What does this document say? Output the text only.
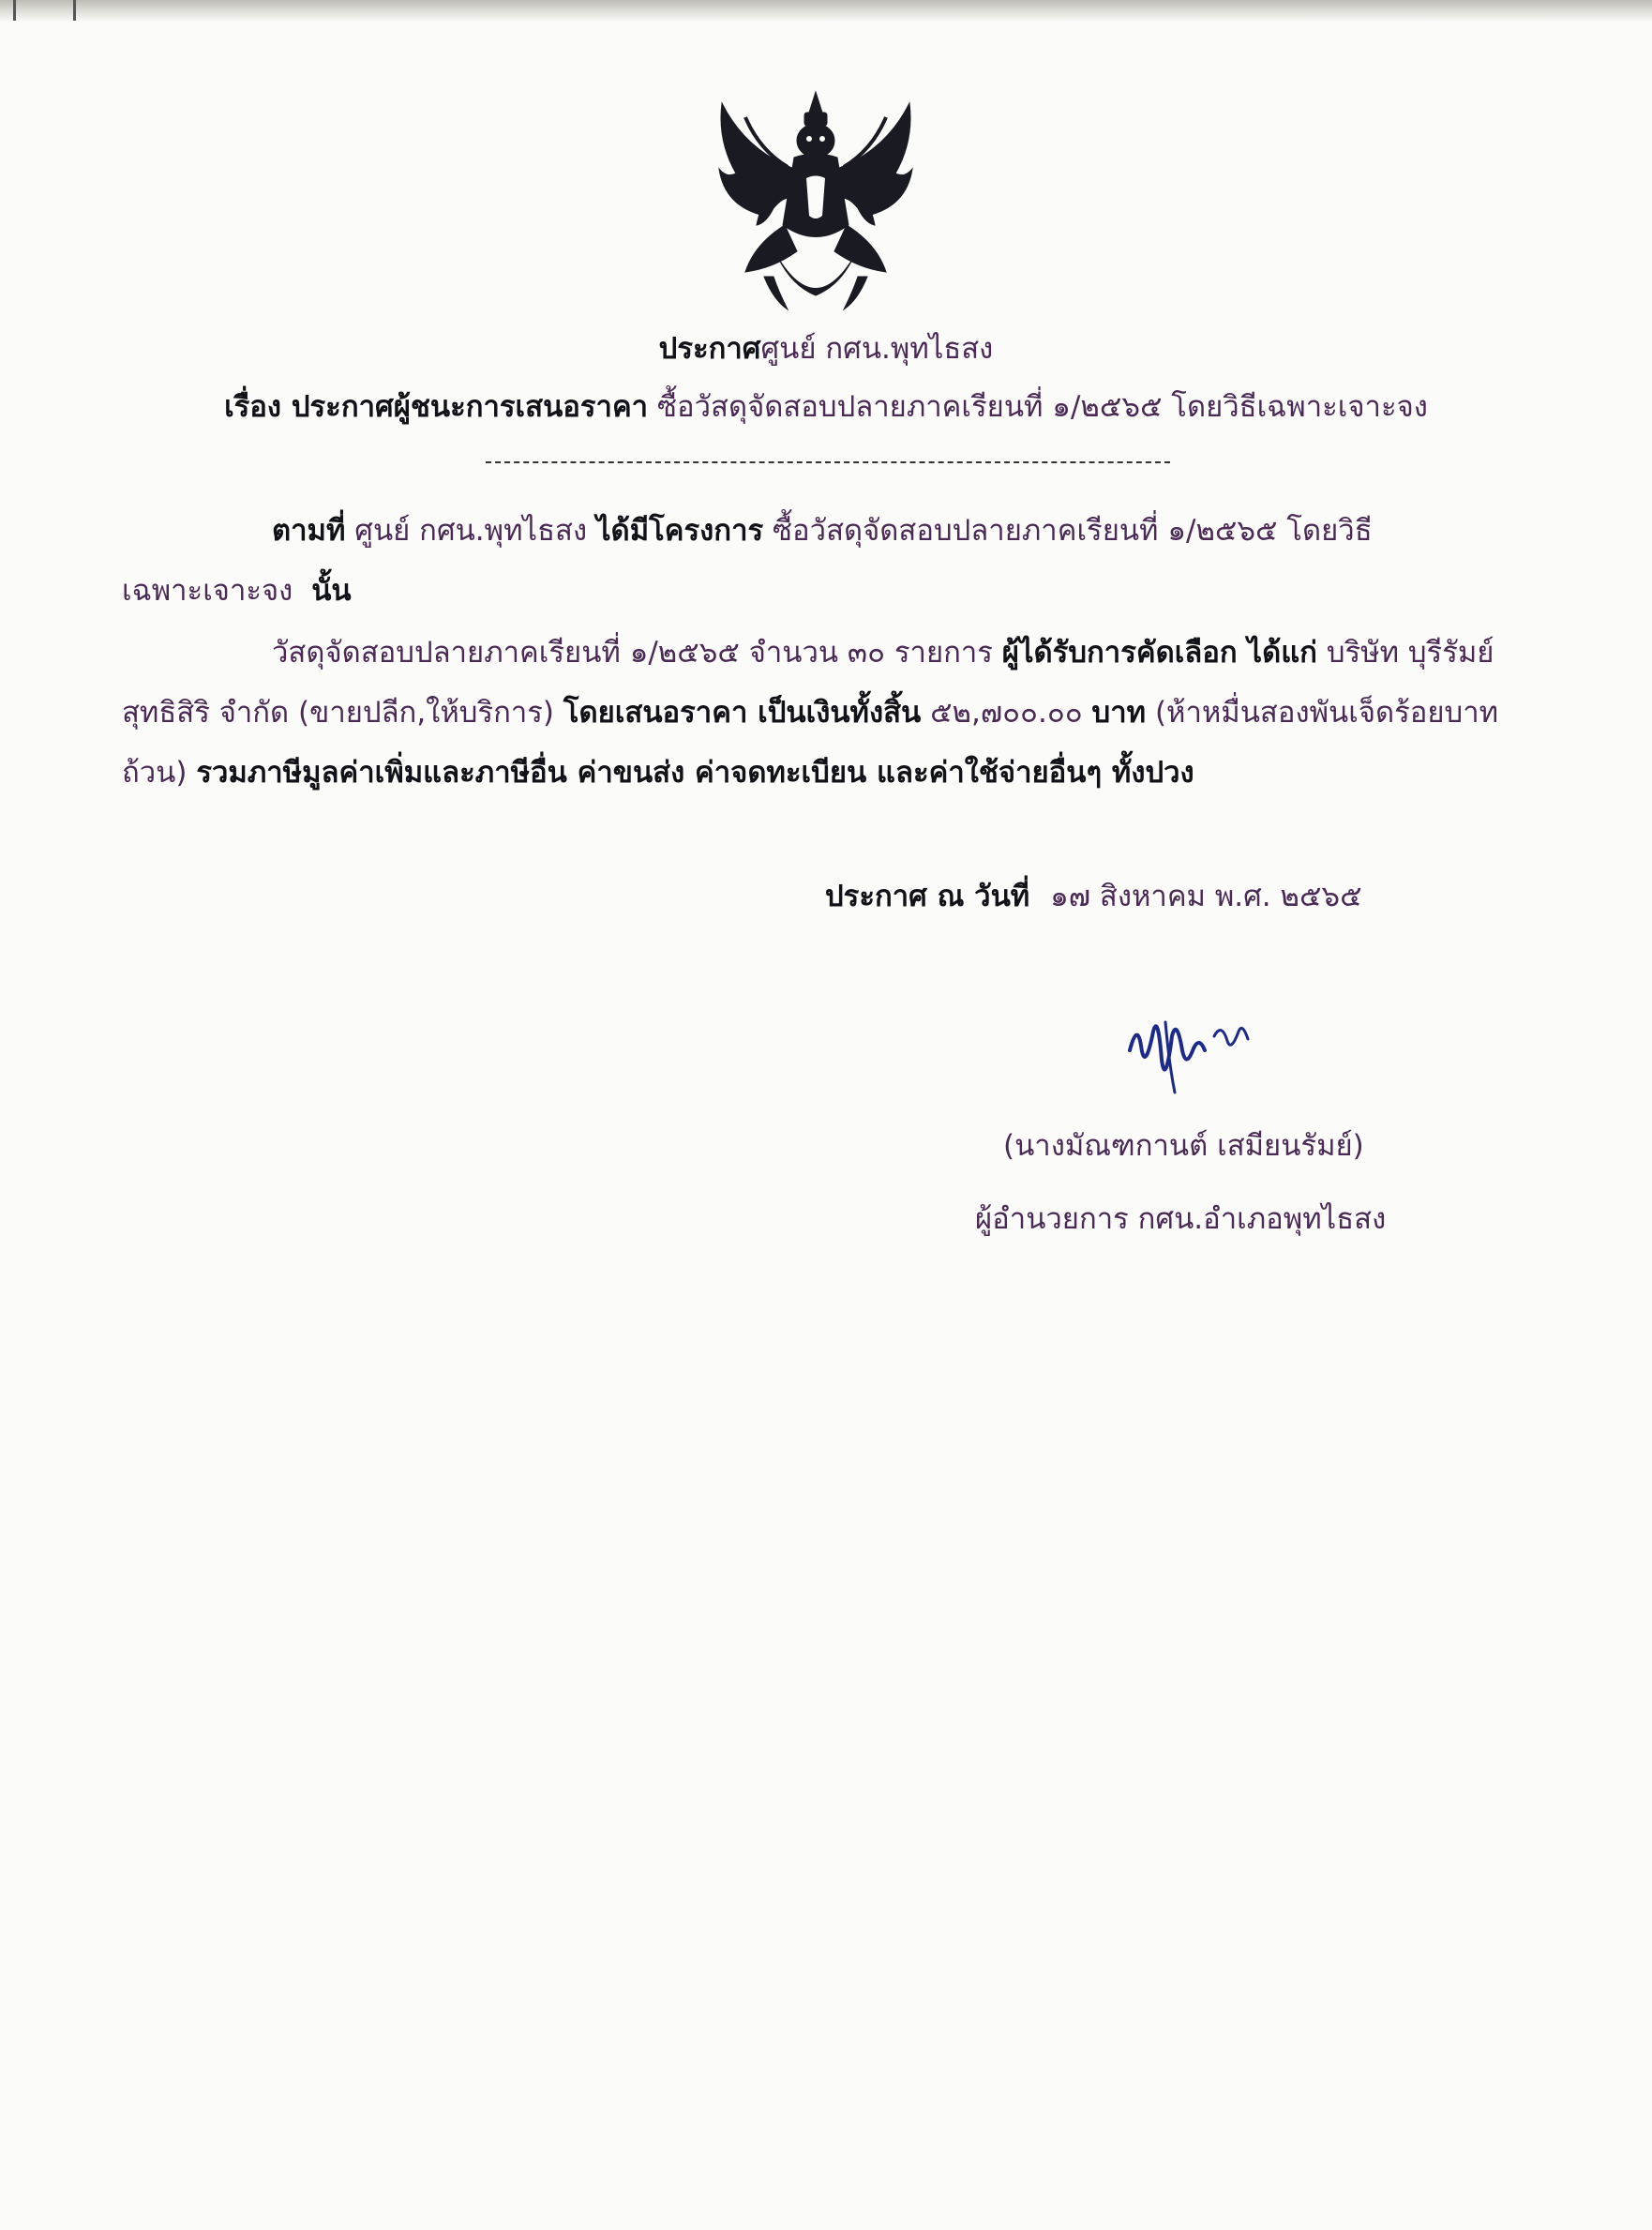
ประกาศศูนย์ กศน.พุทไธสง
เรื่อง ประกาศผู้ชนะการเสนอราคา ซื้อวัสดุจัดสอบปลายภาคเรียนที่ ๑/๒๕๖๕ โดยวิธีเฉพาะเจาะจง
ตามที่ ศูนย์ กศน.พุทไธสง ได้มีโครงการ ซื้อวัสดุจัดสอบปลายภาคเรียนที่ ๑/๒๕๖๕ โดยวิธี
เฉพาะเจาะจง นั้น
วัสดุจัดสอบปลายภาคเรียนที่ ๑/๒๕๖๕ จำนวน ๓๐ รายการ ผู้ได้รับการคัดเลือก ได้แก่ บริษัท บุรีรัมย์
สุทธิสิริ จำกัด (ขายปลีก,ให้บริการ) โดยเสนอราคา เป็นเงินทั้งสิ้น ๕๒,๗๐๐.๐๐ บาท (ห้าหมื่นสองพันเจ็ดร้อยบาท
ถ้วน) รวมภาษีมูลค่าเพิ่มและภาษีอื่น ค่าขนส่ง ค่าจดทะเบียน และค่าใช้จ่ายอื่นๆ ทั้งปวง
ประกาศ ณ วันที่ ๑๗ สิงหาคม พ.ศ. ๒๕๖๕
(นางมัณฑกานต์ เสมียนรัมย์)
ผู้อำนวยการ กศน.อำเภอพุทไธสง
